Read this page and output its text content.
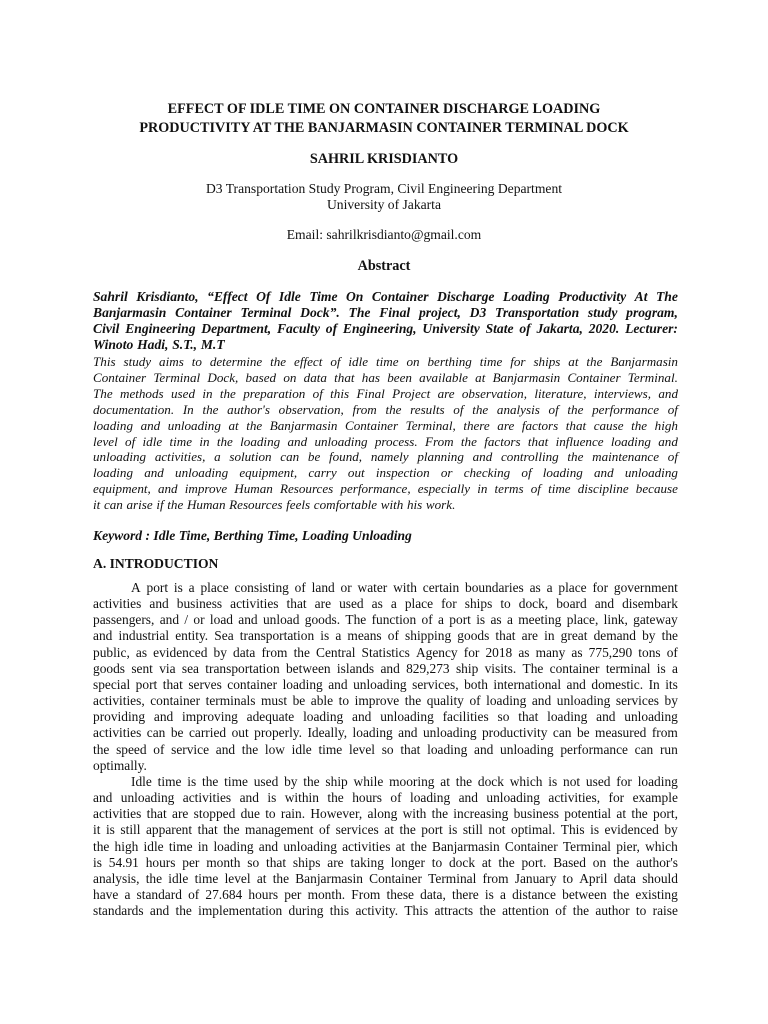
EFFECT OF IDLE TIME ON CONTAINER DISCHARGE LOADING
PRODUCTIVITY AT THE BANJARMASIN CONTAINER TERMINAL DOCK
SAHRIL KRISDIANTO
D3 Transportation Study Program, Civil Engineering Department
University of Jakarta
Email: sahrilkrisdianto@gmail.com
Abstract
Sahril Krisdianto, “Effect Of Idle Time On Container Discharge Loading Productivity At The
Banjarmasin Container Terminal Dock”. The Final project, D3 Transportation study program,
Civil Engineering Department, Faculty of Engineering, University State of Jakarta, 2020. Lecturer:
Winoto Hadi, S.T., M.T
This study aims to determine the effect of idle time on berthing time for ships at the Banjarmasin
Container Terminal Dock, based on data that has been available at Banjarmasin Container Terminal.
The methods used in the preparation of this Final Project are observation, literature, interviews, and
documentation. In the author's observation, from the results of the analysis of the performance of
loading and unloading at the Banjarmasin Container Terminal, there are factors that cause the high
level of idle time in the loading and unloading process. From the factors that influence loading and
unloading activities, a solution can be found, namely planning and controlling the maintenance of
loading and unloading equipment, carry out inspection or checking of loading and unloading
equipment, and improve Human Resources performance, especially in terms of time discipline because
it can arise if the Human Resources feels comfortable with his work.
Keyword : Idle Time, Berthing Time, Loading Unloading
A. INTRODUCTION
A port is a place consisting of land or water with certain boundaries as a place for government
activities and business activities that are used as a place for ships to dock, board and disembark
passengers, and / or load and unload goods. The function of a port is as a meeting place, link, gateway
and industrial entity. Sea transportation is a means of shipping goods that are in great demand by the
public, as evidenced by data from the Central Statistics Agency for 2018 as many as 775,290 tons of
goods sent via sea transportation between islands and 829,273 ship visits. The container terminal is a
special port that serves container loading and unloading services, both international and domestic. In its
activities, container terminals must be able to improve the quality of loading and unloading services by
providing and improving adequate loading and unloading facilities so that loading and unloading
activities can be carried out properly. Ideally, loading and unloading productivity can be measured from
the speed of service and the low idle time level so that loading and unloading performance can run
optimally.
Idle time is the time used by the ship while mooring at the dock which is not used for loading
and unloading activities and is within the hours of loading and unloading activities, for example
activities that are stopped due to rain. However, along with the increasing business potential at the port,
it is still apparent that the management of services at the port is still not optimal. This is evidenced by
the high idle time in loading and unloading activities at the Banjarmasin Container Terminal pier, which
is 54.91 hours per month so that ships are taking longer to dock at the port. Based on the author's
analysis, the idle time level at the Banjarmasin Container Terminal from January to April data should
have a standard of 27.684 hours per month. From these data, there is a distance between the existing
standards and the implementation during this activity. This attracts the attention of the author to raise
